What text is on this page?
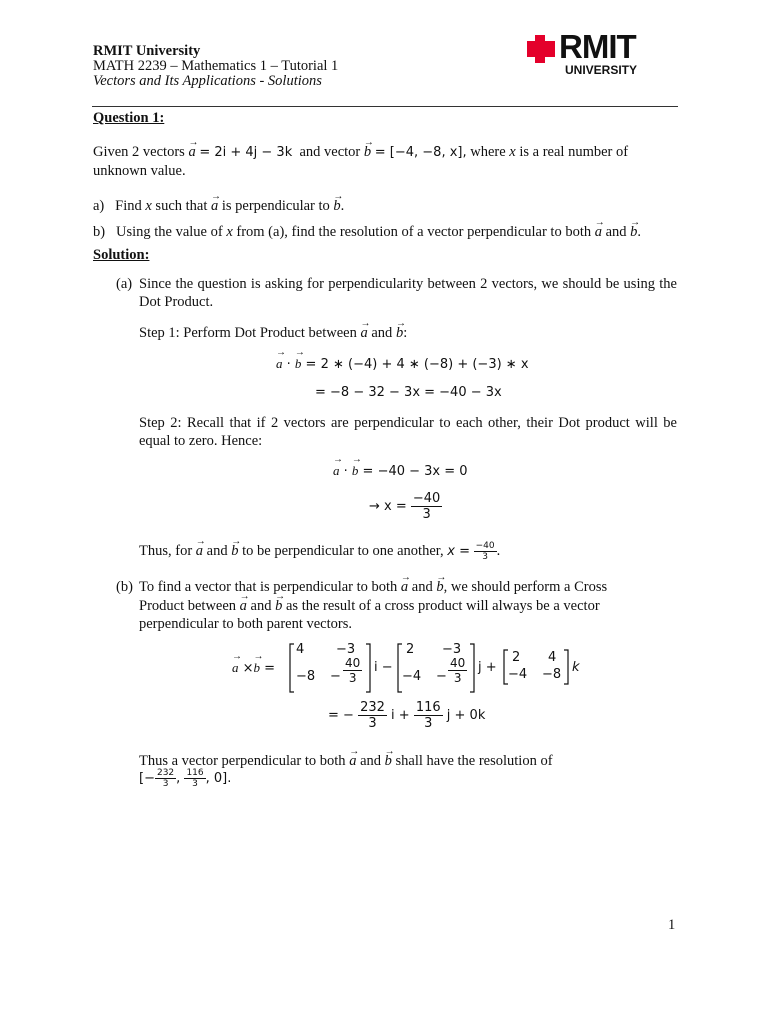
RMIT University
MATH 2239 – Mathematics 1 – Tutorial 1
Vectors and Its Applications - Solutions
RMIT
UNIVERSITY
Question 1:
Given 2 vectors → a = 2i + 4j − 3k and vector → b = [−4, −8, x], where x is a real number of
unknown value.
a) Find x such that → a is perpendicular to → b.
b) Using the value of x from (a), find the resolution of a vector perpendicular to both → a and → b.
Solution:
(a) Since the question is asking for perpendicularity between 2 vectors, we should be using the Dot Product.
Step 1: Perform Dot Product between → a and → b:
→ a · → b = 2 ∗ (−4) + 4 ∗ (−8) + (−3) ∗ x
= −8 − 32 − 3x = −40 − 3x
Step 2: Recall that if 2 vectors are perpendicular to each other, their Dot product will be equal to zero. Hence:
→ a · → b = −40 − 3x = 0
→ $x = \frac{-40}{3}$
Thus, for → a and → b to be perpendicular to one another, $x = \frac{-40}{3}$ .
(b) To find a vector that is perpendicular to both → a and → b, we should perform a Cross
Product between → a and → b as the result of a cross product will always be a vector
perpendicular to both parent vectors.
→ a ×→ b =
4 −3
$-8 - \frac{40}{3}$ i −
2 −3
$-4 - \frac{40}{3}$ j +
2 4
−4 −8 k
= − $\frac{232}{3}$ $i + \frac{116}{3}$ j + 0k
Thus a vector perpendicular to both → a and → b shall have the resolution of
[− $\frac{232}{3}$ , $\frac{116}{3}$ , 0].
1
